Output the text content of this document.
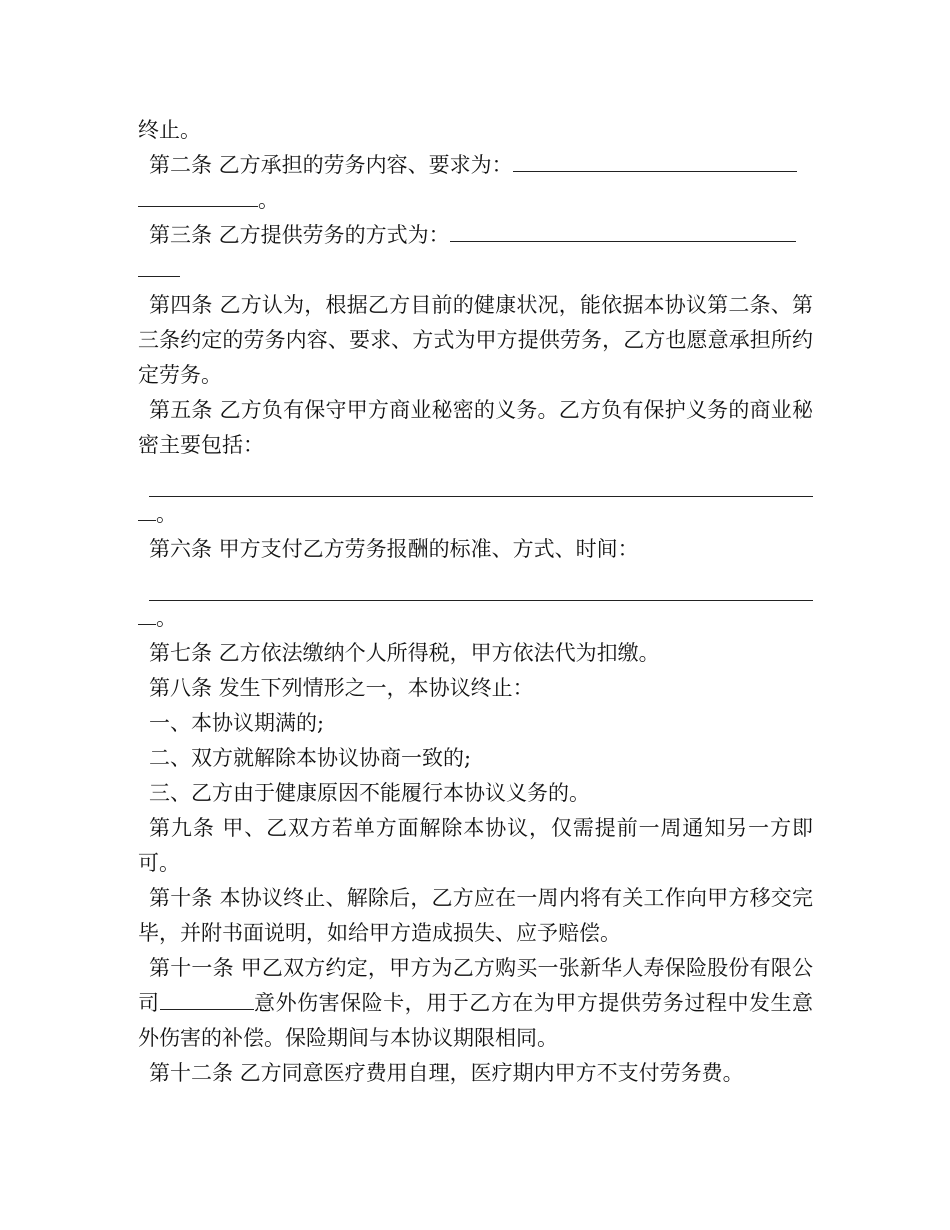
终止。

第二条 乙方承担的劳务内容、要求为：

。

第三条 乙方提供劳务的方式为：

第四条 乙方认为，根据乙方目前的健康状况，能依据本协议第二条、第三条约定的劳务内容、要求、方式为甲方提供劳务，乙方也愿意承担所约定劳务。

第五条 乙方负有保守甲方商业秘密的义务。乙方负有保护义务的商业秘密主要包括：

。

第六条 甲方支付乙方劳务报酬的标准、方式、时间：

。

第七条 乙方依法缴纳个人所得税，甲方依法代为扣缴。

第八条 发生下列情形之一，本协议终止：

一、本协议期满的;

二、双方就解除本协议协商一致的;

三、乙方由于健康原因不能履行本协议义务的。

第九条 甲、乙双方若单方面解除本协议，仅需提前一周通知另一方即可。

第十条 本协议终止、解除后，乙方应在一周内将有关工作向甲方移交完毕，并附书面说明，如给甲方造成损失、应予赔偿。

第十一条 甲乙双方约定，甲方为乙方购买一张新华人寿保险股份有限公司	意外伤害保险卡，用于乙方在为甲方提供劳务过程中发生意外伤害的补偿。保险期间与本协议期限相同。

第十二条 乙方同意医疗费用自理，医疗期内甲方不支付劳务费。
